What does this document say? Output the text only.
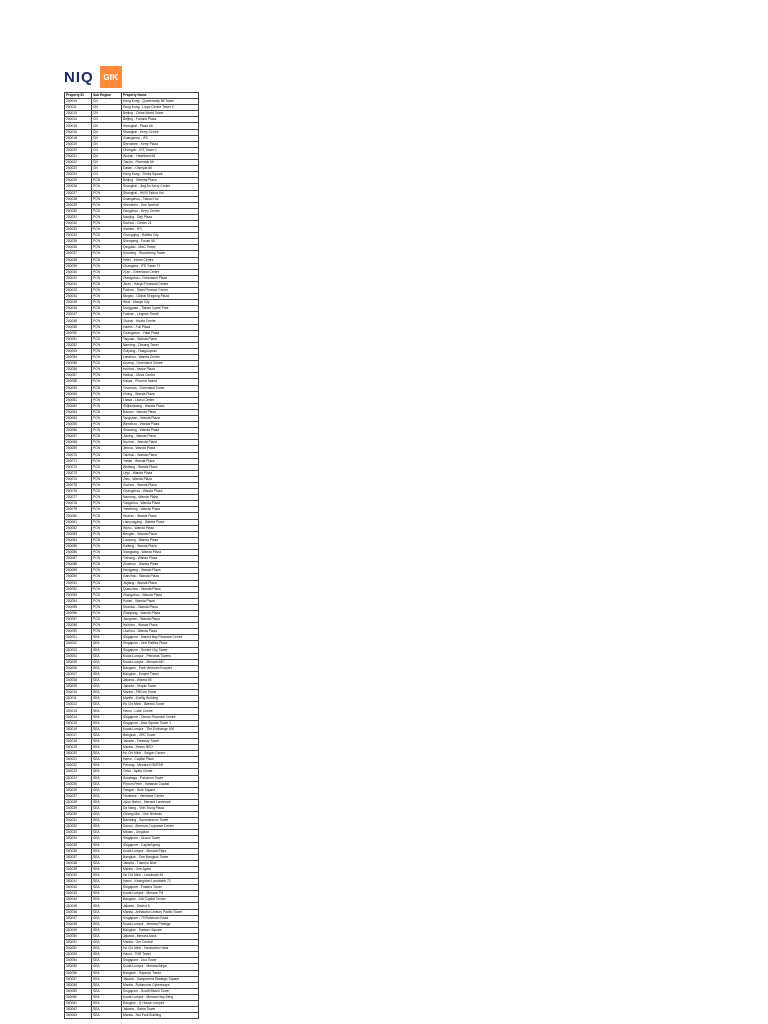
NIQ	GfK
Property ID	Sub Region	Property Name
200010	CN	Hong Kong - Queensway 88 Tower
200011	CN	Hong Kong - Lippo Centre Tower 2
200013	CN	Beijing - China World Tower
200014	CN	Beijing - Fortune Plaza
200015	CN	Shanghai - Plaza 66
200016	CN	Shanghai - Kerry Centre
200018	CN	Guangzhou - IFC
200019	CN	Shenzhen - Kerry Plaza
200020	CN	Chengdu - IFS Tower 1
200021	CN	Wuhan - Heartland 66
200022	CN	Tianjin - Riverside 66
200023	CN	Dalian - Olympia 66
200024	CN	Hong Kong - Times Square
200025	PCN	Beijing - Oriental Plaza
200026	PCN	Shanghai - Jing An Kerry Centre
200027	PCN	Shanghai - HKRI Taikoo Hui
200028	PCN	Guangzhou - Taikoo Hui
200029	PCN	Shenzhen - One Avenue
200030	PCN	Hangzhou - Kerry Centre
200031	PCN	Nanjing - Deji Plaza
200032	PCN	Suzhou - Center 21
200033	PCN	Xiamen - IFC
200034	PCN	Chongqing - Raffles City
200035	PCN	Shenyang - Forum 66
200036	PCN	Qingdao - MixC Tower
200037	PCN	Kunming - Shuncheng Tower
200038	PCN	Hefei - Intime Centre
200039	PCN	Changsha - IFS Tower T1
200040	PCN	Xi'an - Greenland Centre
200041	PCN	Zhengzhou - Greenland Plaza
200042	PCN	Jinan - Hanyu Financial Centre
200043	PCN	Fuzhou - Strait Finance Centre
200044	PCN	Ningbo - Global Shipping Plaza
200045	PCN	Wuxi - Maoye City
200046	PCN	Dongguan - Tianan Cyber Park
200047	PCN	Foshan - Lingnan Tiandi
200048	PCN	Zhuhai - Huafa Centre
200049	PCN	Harbin - Fuli Plaza
200050	PCN	Changchun - Yatai Plaza
200051	PCN	Taiyuan - Wanda Plaza
200052	PCN	Nanning - Diwang Tower
200053	PCN	Guiyang - Huaguoyuan
200054	PCN	Lanzhou - Wanda Centre
200055	PCN	Urumqi - Greenland Centre
200056	PCN	Hohhot - Vanke Plaza
200057	PCN	Haikou - Mova Centre
200058	PCN	Sanya - Phoenix Island
200059	PCN	Yinchuan - Greenland Tower
200060	PCN	Xining - Wanda Plaza
200061	PCN	Lhasa - Liuwu Centre
200062	PCN	Shijiazhuang - Wanda Plaza
200063	PCN	Baotou - Wanda Plaza
200064	PCN	Tangshan - Wanda Plaza
200065	PCN	Wenzhou - Wanda Plaza
200066	PCN	Shaoxing - Wanda Plaza
200067	PCN	Jiaxing - Wanda Plaza
200068	PCN	Huzhou - Wanda Plaza
200069	PCN	Jinhua - Wanda Plaza
200070	PCN	Taizhou - Wanda Plaza
200071	PCN	Yantai - Wanda Plaza
200072	PCN	Weifang - Wanda Plaza
200073	PCN	Linyi - Wanda Plaza
200074	PCN	Zibo - Wanda Plaza
200075	PCN	Xuzhou - Wanda Plaza
200076	PCN	Changzhou - Wanda Plaza
200077	PCN	Nantong - Wanda Plaza
200078	PCN	Yangzhou - Wanda Plaza
200079	PCN	Yancheng - Wanda Plaza
200080	PCN	Huai'an - Wanda Plaza
200081	PCN	Lianyungang - Wanda Plaza
200082	PCN	Wuhu - Wanda Plaza
200083	PCN	Bengbu - Wanda Plaza
200084	PCN	Luoyang - Wanda Plaza
200085	PCN	Kaifeng - Wanda Plaza
200086	PCN	Xiangyang - Wanda Plaza
200087	PCN	Yichang - Wanda Plaza
200088	PCN	Zhuzhou - Wanda Plaza
200089	PCN	Hengyang - Wanda Plaza
200090	PCN	Ganzhou - Wanda Plaza
200091	PCN	Jiujiang - Wanda Plaza
200092	PCN	Quanzhou - Wanda Plaza
200093	PCN	Zhangzhou - Wanda Plaza
200094	PCN	Putian - Wanda Plaza
200095	PCN	Shantou - Wanda Plaza
200096	PCN	Zhanjiang - Wanda Plaza
200097	PCN	Jiangmen - Wanda Plaza
200098	PCN	Huizhou - Wanda Plaza
200099	PCN	Liuzhou - Wanda Plaza
300001	SEA	Singapore - Marina Bay Financial Centre
300002	SEA	Singapore - One Raffles Place
300003	SEA	Singapore - Suntec City Tower
300004	SEA	Kuala Lumpur - Petronas Towers
300005	SEA	Kuala Lumpur - Menara IMC
300006	SEA	Bangkok - Park Ventures Ecoplex
300007	SEA	Bangkok - Empire Tower
300008	SEA	Jakarta - Wisma 46
300009	SEA	Jakarta - Sequis Tower
300010	SEA	Manila - PBCom Tower
300011	SEA	Manila - Zuellig Building
300012	SEA	Ho Chi Minh - Bitexco Tower
300013	SEA	Hanoi - Lotte Centre
300014	SEA	Singapore - Ocean Financial Centre
300015	SEA	Singapore - Asia Square Tower 1
300016	SEA	Kuala Lumpur - The Exchange 106
300017	SEA	Bangkok - CRC Tower
300018	SEA	Jakarta - Treasury Tower
300019	SEA	Manila - Seven NEO
300020	SEA	Ho Chi Minh - Saigon Centre
300021	SEA	Hanoi - Capital Place
300022	SEA	Penang - Menara KOMTAR
300023	SEA	Cebu - Ayala Center
300024	SEA	Surabaya - Pakuwon Tower
300025	SEA	Phnom Penh - Vattanac Capital
300026	SEA	Yangon - Sule Square
300027	SEA	Vientiane - Vientiane Center
300028	SEA	Johor Bahru - Menara Landmark
300029	SEA	Da Nang - Vinh Trung Plaza
300030	SEA	Chiang Mai - One Nimman
300031	SEA	Bandung - Summarecon Tower
300032	SEA	Davao - Abreeza Corporate Center
300033	SEA	Medan - Uniplaza
300034	SEA	Singapore - Guoco Tower
300035	SEA	Singapore - CapitaSpring
300036	SEA	Kuala Lumpur - Menara Etiqa
300037	SEA	Bangkok - One Bangkok Tower
300038	SEA	Jakarta - Thamrin Nine
300039	SEA	Manila - One Ayala
300040	SEA	Ho Chi Minh - Landmark 81
300041	SEA	Hanoi - Keangnam Landmark 72
300042	SEA	Singapore - Frasers Tower
300043	SEA	Kuala Lumpur - Menara TM
300044	SEA	Bangkok - AIA Capital Center
300045	SEA	Jakarta - District 8
300046	SEA	Manila - Arthaland Century Pacific Tower
300047	SEA	Singapore - 79 Robinson Road
300048	SEA	Kuala Lumpur - Menara Prestige
300049	SEA	Bangkok - Sathorn Square
300050	SEA	Jakarta - Menara Astra
300051	SEA	Manila - Ore Central
300052	SEA	Ho Chi Minh - Deutsches Haus
300053	SEA	Hanoi - TNR Tower
300054	SEA	Singapore - Duo Tower
300055	SEA	Kuala Lumpur - Menara Binjai
300056	SEA	Bangkok - Gaysorn Tower
300057	SEA	Jakarta - Sampoerna Strategic Square
300058	SEA	Manila - Robinsons Cyberscape
300059	SEA	Singapore - South Beach Tower
300060	SEA	Kuala Lumpur - Menara Hap Seng
300061	SEA	Bangkok - Q House Lumpini
300062	SEA	Jakarta - Gama Tower
300063	SEA	Manila - Net Park Building
